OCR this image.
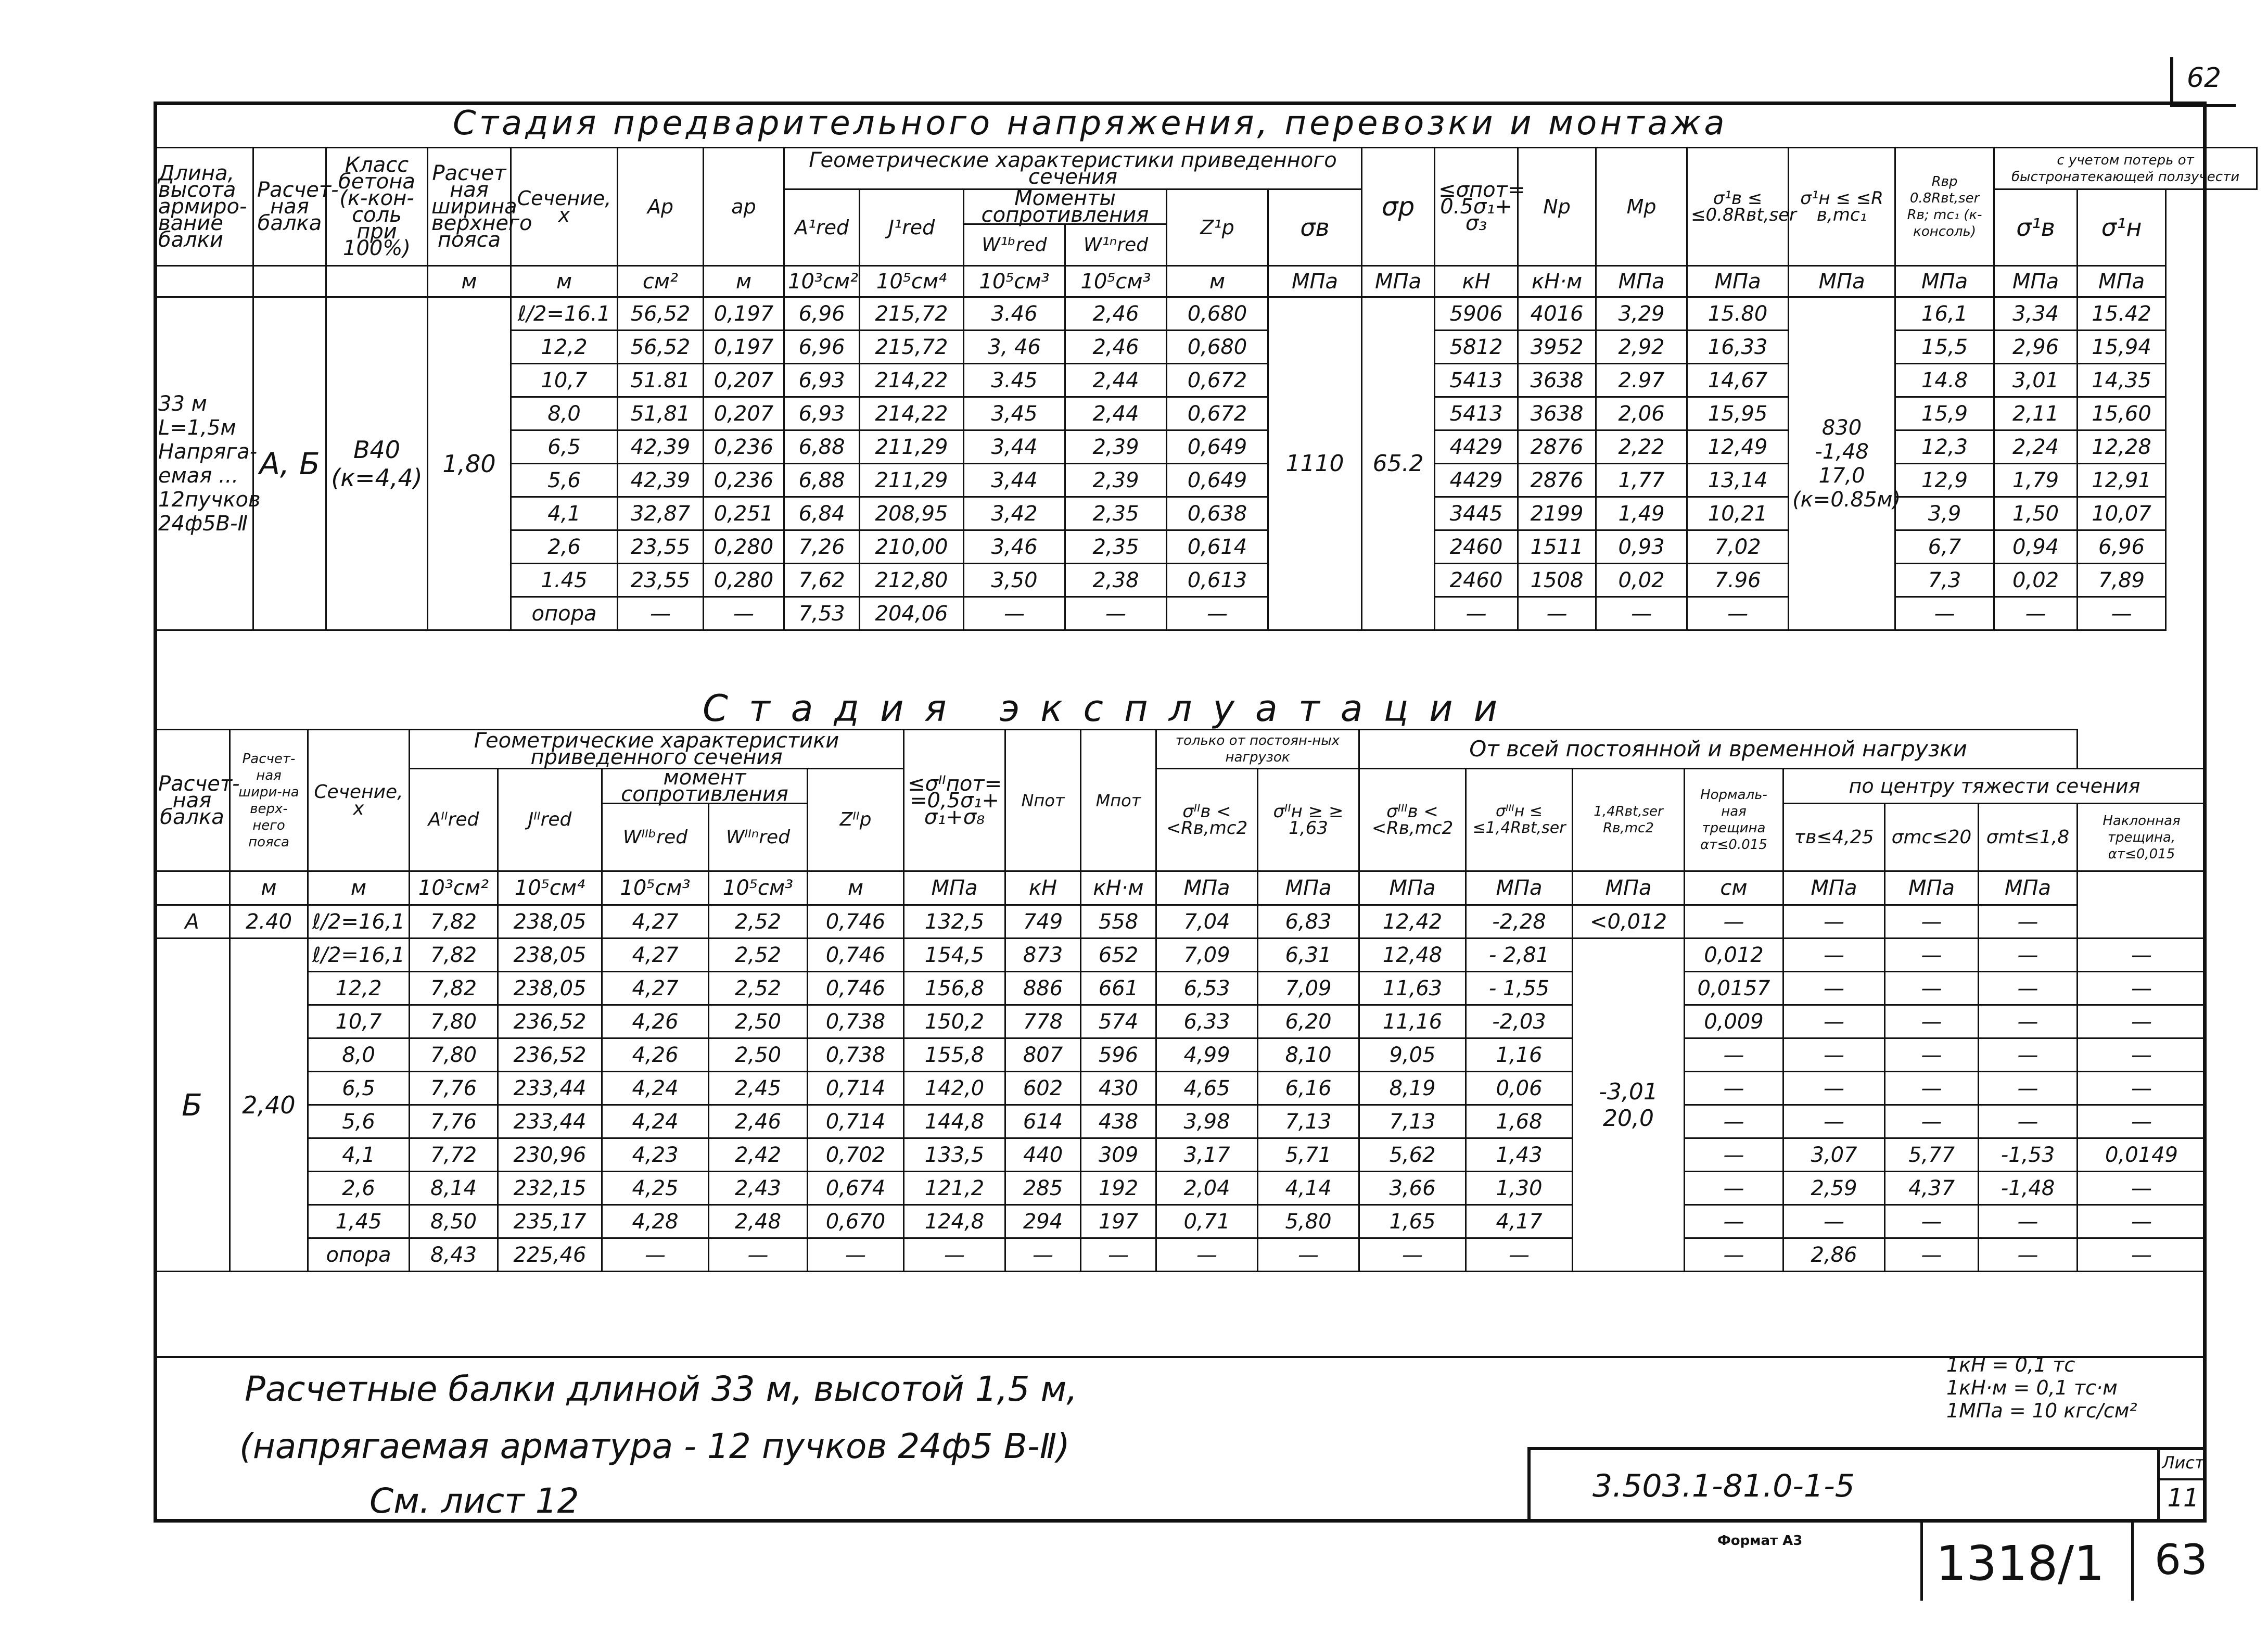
62
Стадия предварительного напряжения, перевозки и монтажа
Длина, высота армиро-вание балки	Расчет-ная балка	Класс бетона (к-кон-соль при 100%)	Расчет ная ширина верхнего пояса	Сечение, x	Ap	ap	Геометрические характеристики приведенного сечения						σp	≤σпот= 0.5σ₁+ σ₃	Np	Mp	σ¹в ≤ ≤0.8Rвt,ser	σ¹н ≤ ≤R в,mc₁	Rвр 0.8Rвt,ser Rв; mc₁ (к-консоль)	с учетом потерь от быстронатекающей ползучести	
							A¹red	J¹red	Моменты сопротивления		Z¹p	σв								σ¹в	σ¹н
									W¹ᵇred	W¹ⁿred											
			м	м	см²	м	10³см²	10⁵см⁴	10⁵см³	10⁵см³	м	МПа	МПа	кН	кН·м	МПа	МПа	МПа	МПа	МПа	МПа
33 м L=1,5м Напряга-емая ... 12пучков 24ф5В-Ⅱ	А, Б	В40 (к=4,4)	1,80	ℓ/2=16.1	56,52	0,197	6,96	215,72	3.46	2,46	0,680	1110	65.2	5906	4016	3,29	15.80	830 -1,48 17,0 (к=0.85м)	16,1	3,34	15.42
				12,2	56,52	0,197	6,96	215,72	3, 46	2,46	0,680			5812	3952	2,92	16,33		15,5	2,96	15,94
				10,7	51.81	0,207	6,93	214,22	3.45	2,44	0,672			5413	3638	2.97	14,67		14.8	3,01	14,35
				8,0	51,81	0,207	6,93	214,22	3,45	2,44	0,672			5413	3638	2,06	15,95		15,9	2,11	15,60
				6,5	42,39	0,236	6,88	211,29	3,44	2,39	0,649			4429	2876	2,22	12,49		12,3	2,24	12,28
				5,6	42,39	0,236	6,88	211,29	3,44	2,39	0,649			4429	2876	1,77	13,14		12,9	1,79	12,91
				4,1	32,87	0,251	6,84	208,95	3,42	2,35	0,638			3445	2199	1,49	10,21		3,9	1,50	10,07
				2,6	23,55	0,280	7,26	210,00	3,46	2,35	0,614			2460	1511	0,93	7,02		6,7	0,94	6,96
				1.45	23,55	0,280	7,62	212,80	3,50	2,38	0,613			2460	1508	0,02	7.96		7,3	0,02	7,89
				опора	—	—	7,53	204,06	—	—	—			—	—	—	—		—	—	—
Стадия эксплуатации
Расчет-ная балка	Расчет-ная шири-на верх-него пояса	Сечение, x	Геометрические характеристики приведенного сечения					≤σᴵᴵпот= =0,5σ₁+ σ₁+σ₈	Nпот	Mпот	только от постоян-ных нагрузок		От всей постоянной и временной нагрузки							
			Aᴵᴵred	Jᴵᴵred	момент сопротивления		Zᴵᴵp				σᴵᴵв < <Rв,mc2	σᴵᴵн ≥ ≥ 1,63	σᴵᴵᴵв < <Rв,mc2	σᴵᴵᴵн ≤ ≤1,4Rвt,ser	1,4Rвt,ser Rв,mc2	Нормаль-ная трещина αт≤0.015	по центру тяжести сечения			
					Wᴵᴵᵇred	Wᴵᴵⁿred											τв≤4,25	σmc≤20	σmt≤1,8	Наклонная трещина, αт≤0,015
	м	м	10³см²	10⁵см⁴	10⁵см³	10⁵см³	м	МПа	кН	кН·м	МПа	МПа	МПа	МПа	МПа	см	МПа	МПа	МПа	
А	2.40	ℓ/2=16,1	7,82	238,05	4,27	2,52	0,746	132,5	749	558	7,04	6,83	12,42	-2,28	<0,012	—	—	—	—	
Б	2,40	ℓ/2=16,1	7,82	238,05	4,27	2,52	0,746	154,5	873	652	7,09	6,31	12,48	- 2,81	-3,01 20,0	0,012	—	—	—	—
		12,2	7,82	238,05	4,27	2,52	0,746	156,8	886	661	6,53	7,09	11,63	- 1,55		0,0157	—	—	—	—
		10,7	7,80	236,52	4,26	2,50	0,738	150,2	778	574	6,33	6,20	11,16	-2,03		0,009	—	—	—	—
		8,0	7,80	236,52	4,26	2,50	0,738	155,8	807	596	4,99	8,10	9,05	1,16		—	—	—	—	—
		6,5	7,76	233,44	4,24	2,45	0,714	142,0	602	430	4,65	6,16	8,19	0,06		—	—	—	—	—
		5,6	7,76	233,44	4,24	2,46	0,714	144,8	614	438	3,98	7,13	7,13	1,68		—	—	—	—	—
		4,1	7,72	230,96	4,23	2,42	0,702	133,5	440	309	3,17	5,71	5,62	1,43		—	3,07	5,77	-1,53	0,0149
		2,6	8,14	232,15	4,25	2,43	0,674	121,2	285	192	2,04	4,14	3,66	1,30		—	2,59	4,37	-1,48	—
		1,45	8,50	235,17	4,28	2,48	0,670	124,8	294	197	0,71	5,80	1,65	4,17		—	—	—	—	—
		опора	8,43	225,46	—	—	—	—	—	—	—	—	—	—		—	2,86	—	—	—
Расчетные балки длиной 33 м, высотой 1,5 м,
(напрягаемая арматура - 12 пучков 24ф5 В-Ⅱ)
См. лист 12
1кН = 0,1 тс
1кН·м = 0,1 тс·м
1МПа = 10 кгс/см²
3.503.1-81.0-1-5
Лист
11
Формат А3	1318/1 63
